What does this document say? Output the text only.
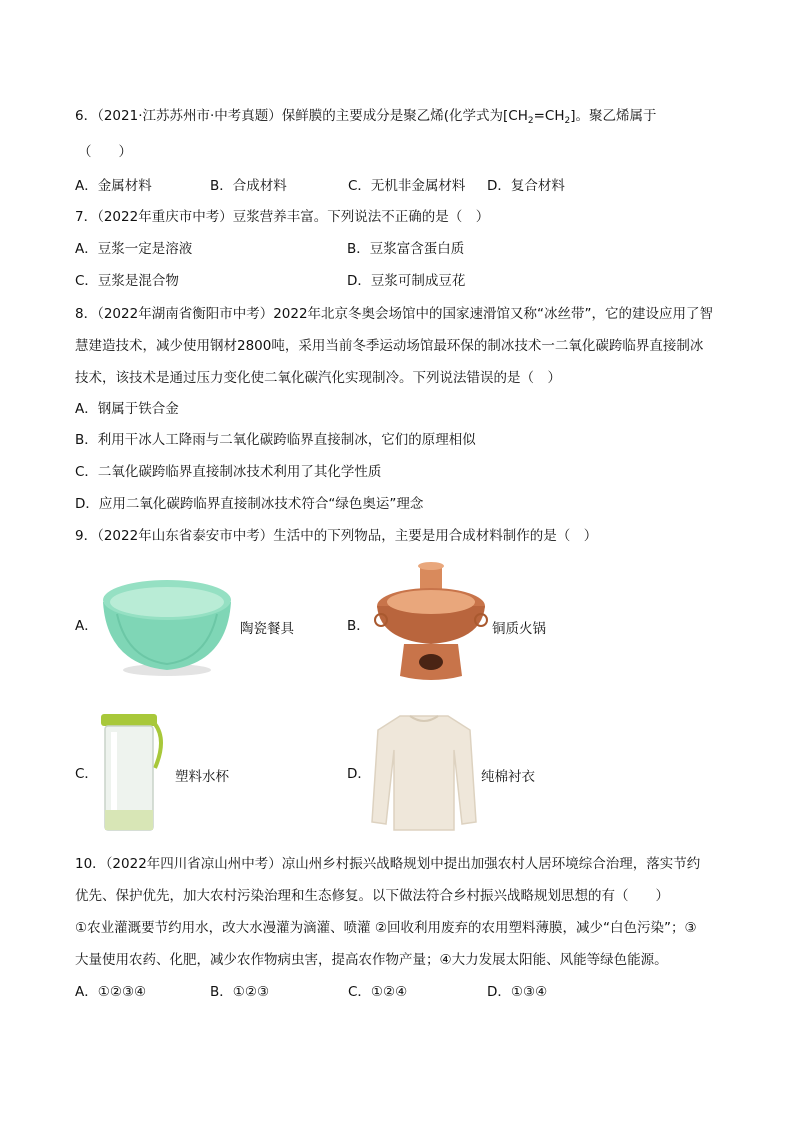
6．（2021·江苏苏州市·中考真题）保鲜膜的主要成分是聚乙烯(化学式为$[CH_2=CH_2]$。聚乙烯属于
（　　）
A．金属材料	B．合成材料	C．无机非金属材料 D．复合材料
7．（2022年重庆市中考）豆浆营养丰富。下列说法不正确的是（　）
A．豆浆一定是溶液	B．豆浆富含蛋白质
C．豆浆是混合物	D．豆浆可制成豆花
8．（2022年湖南省衡阳市中考）2022年北京冬奥会场馆中的国家速滑馆又称“冰丝带”，它的建设应用了智
慧建造技术，减少使用钢材2800吨，采用当前冬季运动场馆最环保的制冰技术一二氧化碳跨临界直接制冰
技术，该技术是通过压力变化使二氧化碳汽化实现制冷。下列说法错误的是（　）
A．钢属于铁合金
B．利用干冰人工降雨与二氧化碳跨临界直接制冰，它们的原理相似
C．二氧化碳跨临界直接制冰技术利用了其化学性质
D．应用二氧化碳跨临界直接制冰技术符合“绿色奥运”理念
9．（2022年山东省泰安市中考）生活中的下列物品，主要是用合成材料制作的是（　）
A．	陶瓷餐具	B．	铜质火锅
C．	塑料水杯	D．	纯棉衬衣
10．（2022年四川省凉山州中考）凉山州乡村振兴战略规划中提出加强农村人居环境综合治理，落实节约
优先、保护优先，加大农村污染治理和生态修复。以下做法符合乡村振兴战略规划思想的有（　　）
①农业灌溉要节约用水，改大水漫灌为滴灌、喷灌 ②回收利用废弃的农用塑料薄膜，减少“白色污染”；③
大量使用农药、化肥，减少农作物病虫害，提高农作物产量；④大力发展太阳能、风能等绿色能源。
A．①②③④	B．①②③	C．①②④	D．①③④
